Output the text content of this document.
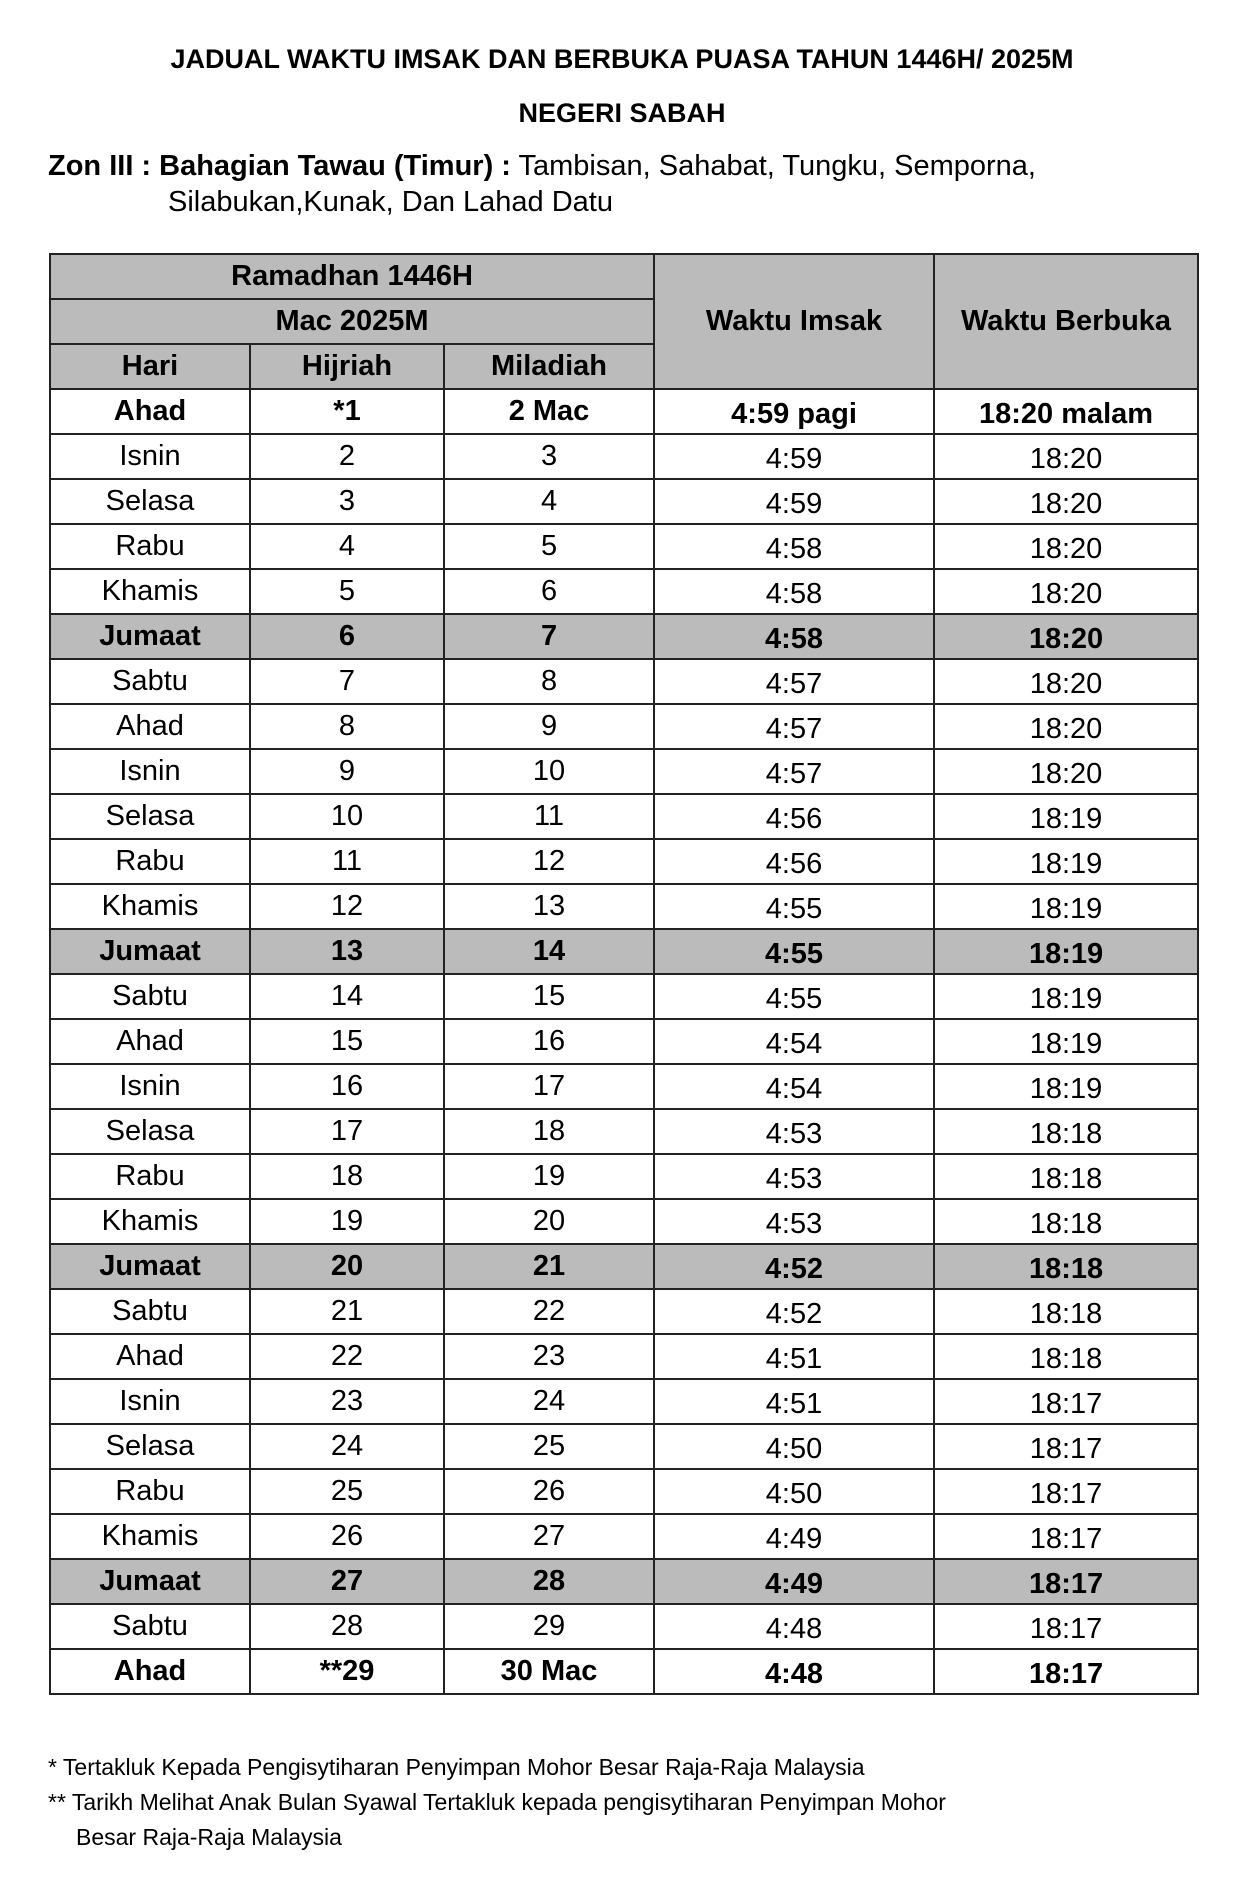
JADUAL WAKTU IMSAK DAN BERBUKA PUASA TAHUN 1446H/ 2025M
NEGERI SABAH
Zon III : Bahagian Tawau (Timur) : Tambisan, Sahabat, Tungku, Semporna,
Silabukan,Kunak, Dan Lahad Datu
Ramadhan 1446H			Waktu Imsak	Waktu Berbuka
Mac 2025M				
Hari	Hijriah	Miladiah		
Ahad	*1	2 Mac	4:59 pagi	18:20 malam
Isnin	2	3	4:59	18:20
Selasa	3	4	4:59	18:20
Rabu	4	5	4:58	18:20
Khamis	5	6	4:58	18:20
Jumaat	6	7	4:58	18:20
Sabtu	7	8	4:57	18:20
Ahad	8	9	4:57	18:20
Isnin	9	10	4:57	18:20
Selasa	10	11	4:56	18:19
Rabu	11	12	4:56	18:19
Khamis	12	13	4:55	18:19
Jumaat	13	14	4:55	18:19
Sabtu	14	15	4:55	18:19
Ahad	15	16	4:54	18:19
Isnin	16	17	4:54	18:19
Selasa	17	18	4:53	18:18
Rabu	18	19	4:53	18:18
Khamis	19	20	4:53	18:18
Jumaat	20	21	4:52	18:18
Sabtu	21	22	4:52	18:18
Ahad	22	23	4:51	18:18
Isnin	23	24	4:51	18:17
Selasa	24	25	4:50	18:17
Rabu	25	26	4:50	18:17
Khamis	26	27	4:49	18:17
Jumaat	27	28	4:49	18:17
Sabtu	28	29	4:48	18:17
Ahad	**29	30 Mac	4:48	18:17
* Tertakluk Kepada Pengisytiharan Penyimpan Mohor Besar Raja-Raja Malaysia
** Tarikh Melihat Anak Bulan Syawal Tertakluk kepada pengisytiharan Penyimpan Mohor
Besar Raja-Raja Malaysia
